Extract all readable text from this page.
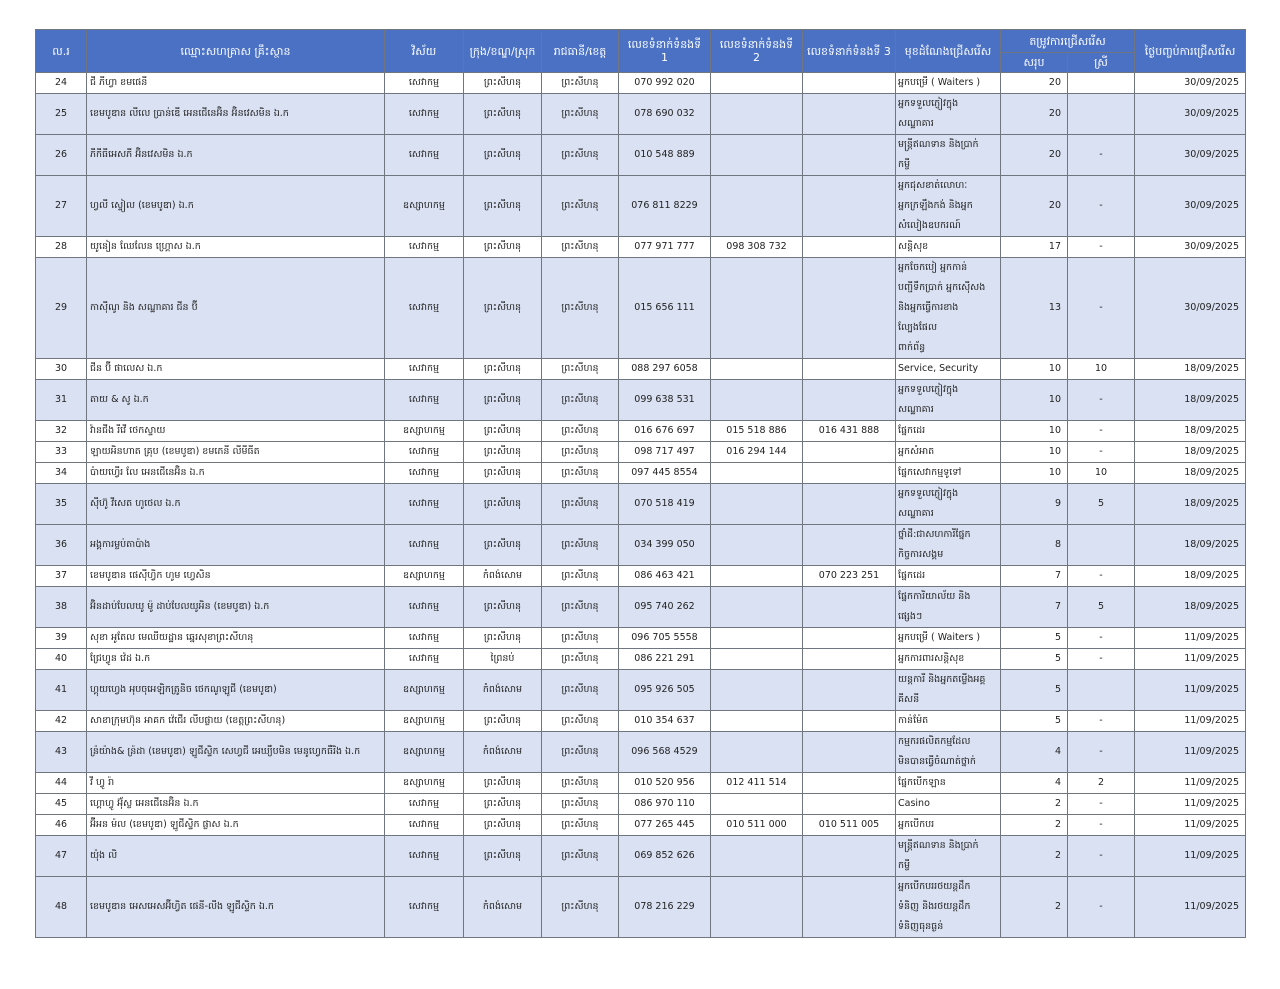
ល.រ	ឈ្មោះសហគ្រាស គ្រឹះស្ថាន	វិស័យ	ក្រុង/ខណ្ឌ/ស្រុក	រាជធានី/ខេត្ត	លេខទំនាក់ទំនងទី 1	លេខទំនាក់ទំនងទី 2	លេខទំនាក់ទំនងទី 3	មុខដំណែងជ្រើសរើស	តម្រូវការជ្រើសរើស		ថ្ងៃបញ្ចប់ការជ្រើសរើស
									សរុប	ស្រី	
24	ជី ភីហ្វា ខមផេនី	សេវាកម្ម	ព្រះសីហនុ	ព្រះសីហនុ	070 992 020			អ្នកបម្រើ ( Waiters )	20		30/09/2025
25	ខេមបូឌាន លីលេ ប្រាន់ឌើ អេនជើនេអ៊ិន អ៊ិនវេសមិន ឯ.ក	សេវាកម្ម	ព្រះសីហនុ	ព្រះសីហនុ	078 690 032			អ្នកទទួលភ្ញៀវក្នុង
សណ្ឋាគារ	20		30/09/2025
26	ភីកីធីអេសភី អ៊ិនវេសមិន ឯ.ក	សេវាកម្ម	ព្រះសីហនុ	ព្រះសីហនុ	010 548 889			មន្ត្រីឥណទាន និងប្រាក់
កម្ចី	20	-	30/09/2025
27	ហ្វលី ស្ទៀល (ខេមបូឌា) ឯ.ក	ឧស្សាហកម្ម	ព្រះសីហនុ	ព្រះសីហនុ	076 811 8229			អ្នកជុសខាត់លោហៈ
អ្នកក្រឡឹងកង់ និងអ្នក
សំលៀងឧបករណ៍	20	-	30/09/2025
28	យូនៀន ឈែលែន ហ្គ្រោស ឯ.ក	សេវាកម្ម	ព្រះសីហនុ	ព្រះសីហនុ	077 971 777	098 308 732		សន្តិសុខ	17	-	30/09/2025
29	កាស៊ីណូ និង សណ្ឋាគារ ជីន ប៊ី	សេវាកម្ម	ព្រះសីហនុ	ព្រះសីហនុ	015 656 111			អ្នកចែកបៀ អ្នកកាន់
បញ្ជីទឹកប្រាក់ អ្នកស៊ើសង
និងអ្នកធ្វើការខាង
ល្បែងផែល
ពាក់ព័ន្ធ	13	-	30/09/2025
30	ជីន ប៊ី ផាលេស ឯ.ក	សេវាកម្ម	ព្រះសីហនុ	ព្រះសីហនុ	088 297 6058			Service, Security	10	10	18/09/2025
31	តាយ & សូ ឯ.ក	សេវាកម្ម	ព្រះសីហនុ	ព្រះសីហនុ	099 638 531			អ្នកទទួលភ្ញៀវក្នុង
សណ្ឋាគារ	10	-	18/09/2025
32	វ៉ានជីង រីវើ ថេកស្ទាយ	ឧស្សាហកម្ម	ព្រះសីហនុ	ព្រះសីហនុ	016 676 697	015 518 886	016 431 888	ផ្នែកដេរ	10	-	18/09/2025
33	ឡាយអិនហាត គ្រុប (ខេមបូឌា) ខមភេនី លីមីធីត	សេវាកម្ម	ព្រះសីហនុ	ព្រះសីហនុ	098 717 497	016 294 144		អ្នកសំអាត	10	-	18/09/2025
34	ប៉ាយហ្វើរ លែ អេនជើនេអ៊ិន ឯ.ក	សេវាកម្ម	ព្រះសីហនុ	ព្រះសីហនុ	097 445 8554			ផ្នែកសេវាកម្មទូទៅ	10	10	18/09/2025
35	ស៊ីហ៊ូ វីសេត ហូថេល ឯ.ក	សេវាកម្ម	ព្រះសីហនុ	ព្រះសីហនុ	070 518 419			អ្នកទទួលភ្ញៀវក្នុង
សណ្ឋាគារ	9	5	18/09/2025
36	អង្គការម្លប់តាប៉ាង	សេវាកម្ម	ព្រះសីហនុ	ព្រះសីហនុ	034 399 050			ថ្នាំដី:ជាសហការីផ្នែក
កិច្ចការសង្គម	8		18/09/2025
37	ខេមបូឌាន ផេស៊ីហ្វិក ហូម ហ្វេសិន	ឧស្សាហកម្ម	កំពង់សោម	ព្រះសីហនុ	086 463 421		070 223 251	ផ្នែកដេរ	7	-	18/09/2025
38	អ៊ិនដាប់បែលឃូ ម៉ូ ដាប់បែលយូអិន (ខេមបូឌា) ឯ.ក	សេវាកម្ម	ព្រះសីហនុ	ព្រះសីហនុ	095 740 262			ផ្នែកការិយាល័យ និង
ផ្សេងៗ	7	5	18/09/2025
39	សុខា អូតែល មេឈីយដ្ឋាន ឆ្នេរសុខាព្រះសីហនុ	សេវាកម្ម	ព្រះសីហនុ	ព្រះសីហនុ	096 705 5558			អ្នកបម្រើ ( Waiters )	5	-	11/09/2025
40	ជ្រែហ្វូន វ៉េដ ឯ.ក	សេវាកម្ម	ព្រៃនប់	ព្រះសីហនុ	086 221 291			អ្នកការពារសន្តិសុខ	5	-	11/09/2025
41	ហ្គុយហ្វេង អុបចុអេឡិកត្រូនិច ថេកណូឡូជី (ខេមបូឌា)	ឧស្សាហកម្ម	កំពង់សោម	ព្រះសីហនុ	095 926 505			យន្តការី និងអ្នកតម្លើងអគ្គ
គីសនី	5		11/09/2025
42	សាខាក្រុមហ៊ុន អាគក វ៉េជើរ លីបផ្លាយ (ខេត្តព្រះសីហនុ)	ឧស្សាហកម្ម	ព្រះសីហនុ	ព្រះសីហនុ	010 354 637			កាន់ម៉ែត	5	-	11/09/2025
43	ន្រ៉យ៉ាង& ន្រ៉ដា (ខេមបូឌា) ឡូជីស្ទិក សេហ្វជី អេឃ្យឹបមិន មេនូហ្វេកធឺរិង ឯ.ក	ឧស្សាហកម្ម	កំពង់សោម	ព្រះសីហនុ	096 568 4529			កម្មករផលិតកម្មដែល
មិនបានធ្វើចំណាត់ថ្នាក់	4	-	11/09/2025
44	វី ហ្វូ រ៉ា	ឧស្សាហកម្ម	ព្រះសីហនុ	ព្រះសីហនុ	010 520 956	012 411 514		ផ្នែកបើកឡាន	4	2	11/09/2025
45	ហ្គោហ្វូ អ៊ុ័ស្ល អេនជើនេអ៊ិន ឯ.ក	សេវាកម្ម	ព្រះសីហនុ	ព្រះសីហនុ	086 970 110			Casino	2	-	11/09/2025
46	អ៊ីអន ម៉ល (ខេមបូឌា) ឡូជីស្ទិក ផ្លាស ឯ.ក	សេវាកម្ម	ព្រះសីហនុ	ព្រះសីហនុ	077 265 445	010 511 000	010 511 005	អ្នកបើកបរ	2	-	11/09/2025
47	យ៉ុង លិ	សេវាកម្ម	ព្រះសីហនុ	ព្រះសីហនុ	069 852 626			មន្ត្រីឥណទាន និងប្រាក់
កម្ចី	2	-	11/09/2025
48	ខេមបូឌាន អេសអេសអ៊ីហ្វិត ផេនី-លីង ឡូជីស្ទិក ឯ.ក	សេវាកម្ម	កំពង់សោម	ព្រះសីហនុ	078 216 229			អ្នកបើកបររថយន្តដឹក
ទំនិញ និងរថយន្តដឹក
ទំនិញធុនធ្ងន់	2	-	11/09/2025
